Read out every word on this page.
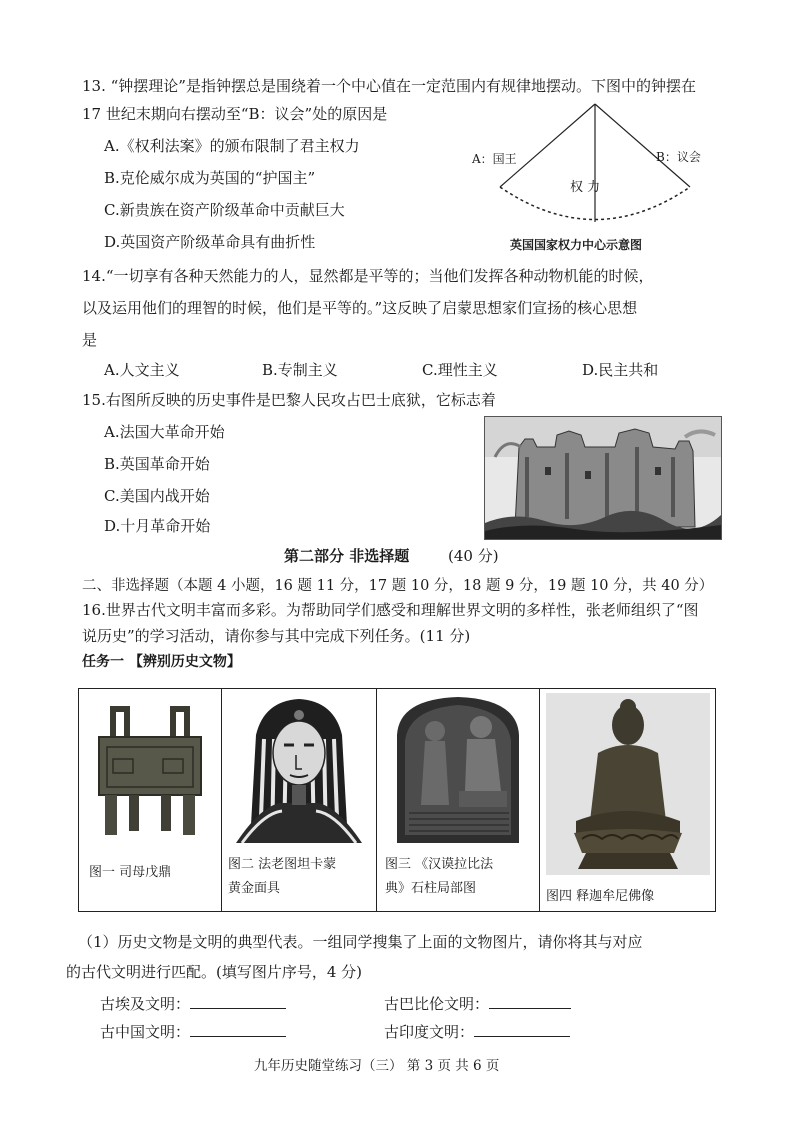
13. “钟摆理论”是指钟摆总是围绕着一个中心值在一定范围内有规律地摆动。下图中的钟摆在
17 世纪末期向右摆动至“B：议会”处的原因是
A.《权利法案》的颁布限制了君主权力
B.克伦威尔成为英国的“护国主”
C.新贵族在资产阶级革命中贡献巨大
D.英国资产阶级革命具有曲折性
A：国王	B：议会
权 力
英国国家权力中心示意图
14.“一切享有各种天然能力的人，显然都是平等的；当他们发挥各种动物机能的时候，
以及运用他们的理智的时候，他们是平等的。”这反映了启蒙思想家们宣扬的核心思想
是
A.人文主义	B.专制主义	C.理性主义	D.民主共和
15.右图所反映的历史事件是巴黎人民攻占巴士底狱，它标志着
A.法国大革命开始
B.英国革命开始
C.美国内战开始
D.十月革命开始
第二部分 非选择题	(40 分)
二、非选择题（本题 4 小题，16 题 11 分，17 题 10 分，18 题 9 分，19 题 10 分，共 40 分）
16.世界古代文明丰富而多彩。为帮助同学们感受和理解世界文明的多样性，张老师组织了“图
说历史”的学习活动，请你参与其中完成下列任务。(11 分)
任务一 【辨别历史文物】
图一 司母戊鼎
图二 法老图坦卡蒙
黄金面具
图三 《汉谟拉比法
典》石柱局部图
图四 释迦牟尼佛像
（1）历史文物是文明的典型代表。一组同学搜集了上面的文物图片，请你将其与对应
的古代文明进行匹配。(填写图片序号，4 分)
古埃及文明：	古巴比伦文明：
古中国文明：	古印度文明：
九年历史随堂练习（三） 第 3 页 共 6 页
